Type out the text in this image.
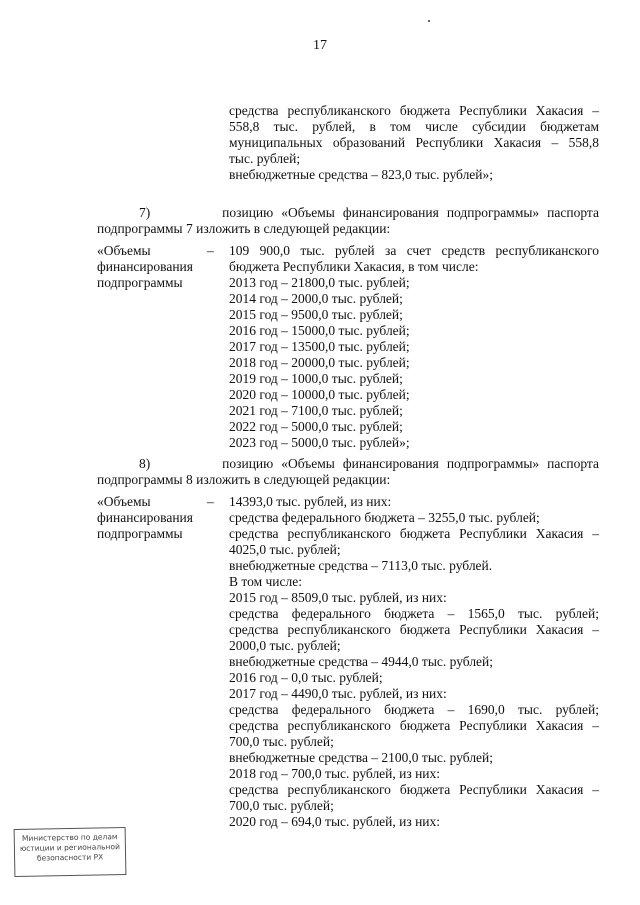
17

средства республиканского бюджета Республики Хакасия –

558,8 тыс. рублей, в том числе субсидии бюджетам

муниципальных образований Республики Хакасия – 558,8

тыс. рублей;

внебюджетные средства – 823,0 тыс. рублей»;

7)         позицию «Объемы финансирования подпрограммы» паспорта

подпрограммы 7 изложить в следующей редакции:

«Объемы
финансирования
подпрограммы
– 109 900,0 тыс. рублей за счет средств республиканского

бюджета Республики Хакасия, в том числе:

2013 год – 21800,0 тыс. рублей;

2014 год – 2000,0 тыс. рублей;

2015 год – 9500,0 тыс. рублей;

2016 год – 15000,0 тыс. рублей;

2017 год – 13500,0 тыс. рублей;

2018 год – 20000,0 тыс. рублей;

2019 год – 1000,0 тыс. рублей;

2020 год – 10000,0 тыс. рублей;

2021 год – 7100,0 тыс. рублей;

2022 год – 5000,0 тыс. рублей;

2023 год – 5000,0 тыс. рублей»;

8)         позицию «Объемы финансирования подпрограммы» паспорта

подпрограммы 8 изложить в следующей редакции:

«Объемы
финансирования
подпрограммы
– 14393,0 тыс. рублей, из них:

средства федерального бюджета – 3255,0 тыс. рублей;

средства республиканского бюджета Республики Хакасия –

4025,0 тыс. рублей;

внебюджетные средства – 7113,0 тыс. рублей.

В том числе:

2015 год – 8509,0 тыс. рублей, из них:

средства федерального бюджета – 1565,0 тыс. рублей;

средства республиканского бюджета Республики Хакасия –

2000,0 тыс. рублей;

внебюджетные средства – 4944,0 тыс. рублей;

2016 год – 0,0 тыс. рублей;

2017 год – 4490,0 тыс. рублей, из них:

средства федерального бюджета – 1690,0 тыс. рублей;

средства республиканского бюджета Республики Хакасия –

700,0 тыс. рублей;

внебюджетные средства – 2100,0 тыс. рублей;

2018 год – 700,0 тыс. рублей, из них:

средства республиканского бюджета Республики Хакасия –

700,0 тыс. рублей;

2020 год – 694,0 тыс. рублей, из них:

Министерство по делам
юстиции и региональной
безопасности РХ
